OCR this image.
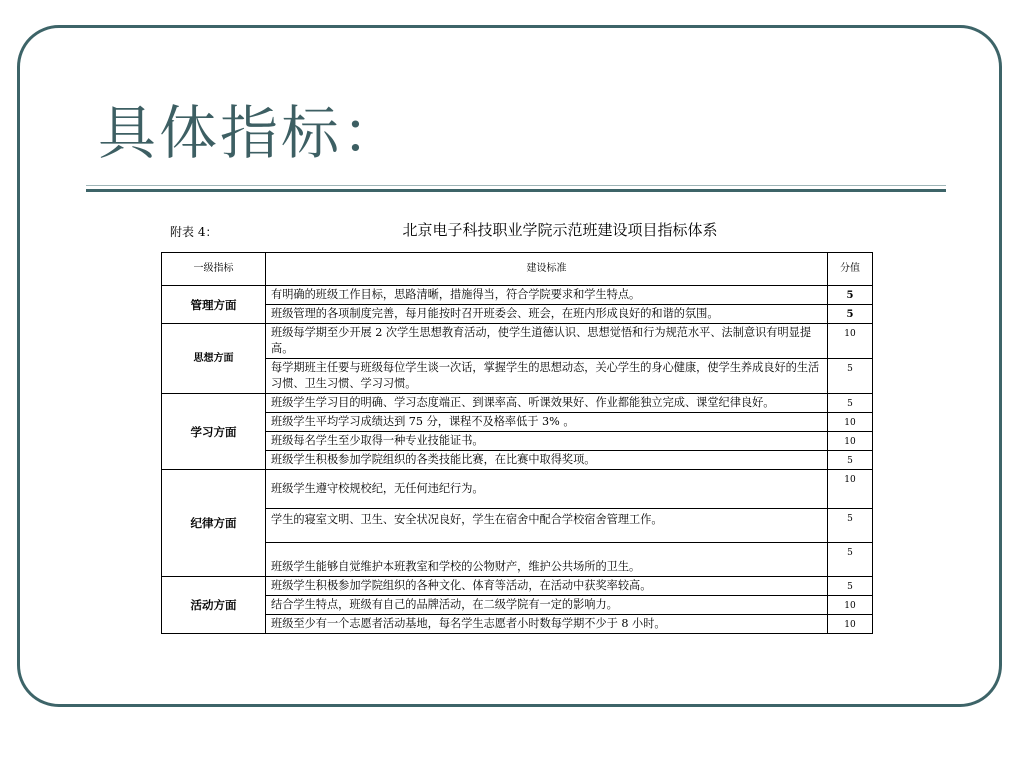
具体指标：
附表 4：	北京电子科技职业学院示范班建设项目指标体系
一级指标	建设标准	分值
管理方面	有明确的班级工作目标，思路清晰，措施得当，符合学院要求和学生特点。	5
	班级管理的各项制度完善，每月能按时召开班委会、班会，在班内形成良好的和谐的氛围。	5
思想方面	班级每学期至少开展 2 次学生思想教育活动，使学生道德认识、思想觉悟和行为规范水平、法制意识有明显提高。	10
	每学期班主任要与班级每位学生谈一次话，掌握学生的思想动态，关心学生的身心健康，使学生养成良好的生活习惯、卫生习惯、学习习惯。	5
学习方面	班级学生学习目的明确、学习态度端正、到课率高、听课效果好、作业都能独立完成、课堂纪律良好。	5
	班级学生平均学习成绩达到 75 分，课程不及格率低于 3% 。	10
	班级每名学生至少取得一种专业技能证书。	10
	班级学生积极参加学院组织的各类技能比赛，在比赛中取得奖项。	5
纪律方面	班级学生遵守校规校纪，无任何违纪行为。	10
	学生的寝室文明、卫生、安全状况良好，学生在宿舍中配合学校宿舍管理工作。	5
	班级学生能够自觉维护本班教室和学校的公物财产，维护公共场所的卫生。	5
活动方面	班级学生积极参加学院组织的各种文化、体育等活动，在活动中获奖率较高。	5
	结合学生特点，班级有自己的品牌活动，在二级学院有一定的影响力。	10
	班级至少有一个志愿者活动基地，每名学生志愿者小时数每学期不少于 8 小时。	10
